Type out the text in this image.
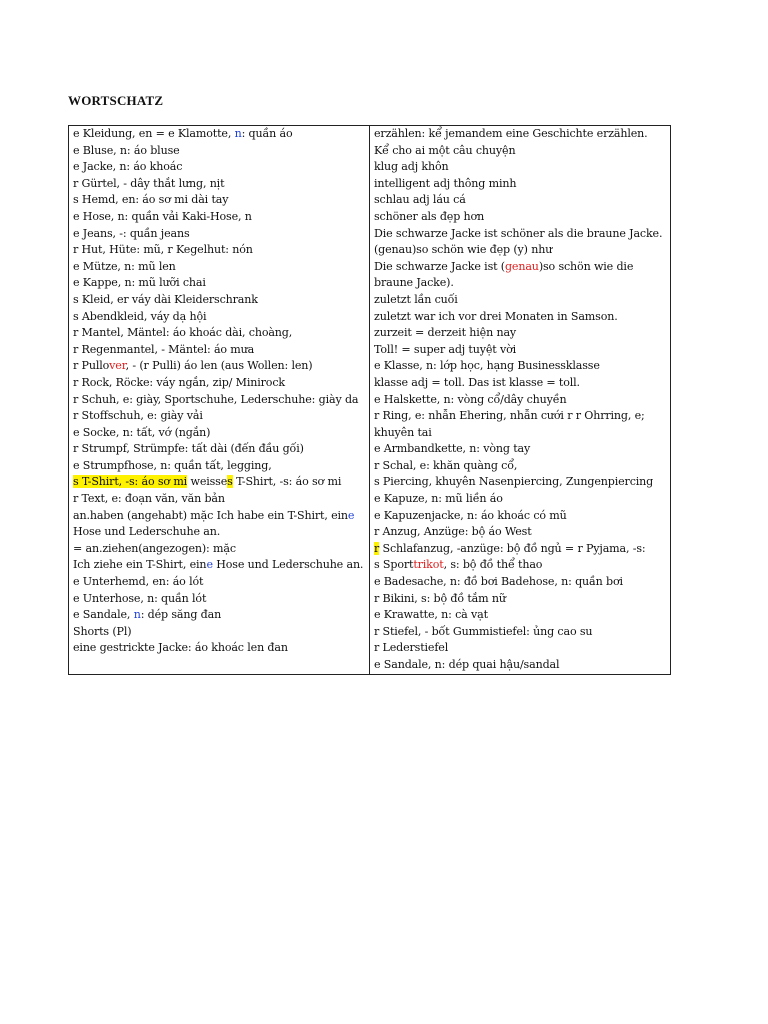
WORTSCHATZ
e Kleidung, en = e Klamotte, n: quần áo
e Bluse, n: áo bluse
e Jacke, n: áo khoác
r Gürtel, - dây thắt lưng, nịt
s Hemd, en: áo sơ mi dài tay
e Hose, n: quần vải Kaki-Hose, n
e Jeans, -: quần jeans
r Hut, Hüte: mũ, r Kegelhut: nón
e Mütze, n: mũ len
e Kappe, n: mũ lưỡi chai
s Kleid, er váy dài Kleiderschrank
s Abendkleid, váy dạ hội
r Mantel, Mäntel: áo khoác dài, choàng,
r Regenmantel, - Mäntel: áo mưa
r Pullover, - (r Pulli) áo len (aus Wollen: len)
r Rock, Röcke: váy ngắn, zip/ Minirock
r Schuh, e: giày, Sportschuhe, Lederschuhe: giày da
r Stoffschuh, e: giày vải
e Socke, n: tất, vớ (ngắn)
r Strumpf, Strümpfe: tất dài (đến đầu gối)
e Strumpfhose, n: quần tất, legging,
s T-Shirt, -s: áo sơ mi weisses T-Shirt, -s: áo sơ mi
r Text, e: đoạn văn, văn bản
an.haben (angehabt) mặc Ich habe ein T-Shirt, eine Hose und Lederschuhe an.
= an.ziehen(angezogen): mặc
Ich ziehe ein T-Shirt, eine Hose und Lederschuhe an.
e Unterhemd, en: áo lót
e Unterhose, n: quần lót
e Sandale, n: dép săng đan
Shorts (Pl)
eine gestrickte Jacke: áo khoác len đan

erzählen: kể jemandem eine Geschichte erzählen.
Kể cho ai một câu chuyện
klug adj khôn
intelligent adj thông minh
schlau adj láu cá
schöner als đẹp hơn
Die schwarze Jacke ist schöner als die braune Jacke.
(genau)so schön wie đẹp (y) như
Die schwarze Jacke ist (genau)so schön wie die braune Jacke).
zuletzt lần cuối
zuletzt war ich vor drei Monaten in Samson.
zurzeit = derzeit hiện nay
Toll! = super adj tuyệt vời
e Klasse, n: lớp học, hạng Businessklasse
klasse adj = toll. Das ist klasse = toll.
e Halskette, n: vòng cổ/dây chuyền
r Ring, e: nhẫn Ehering, nhẫn cưới r r Ohrring, e; khuyên tai
e Armbandkette, n: vòng tay
r Schal, e: khăn quàng cổ,
s Piercing, khuyên Nasenpiercing, Zungenpiercing
e Kapuze, n: mũ liền áo
e Kapuzenjacke, n: áo khoác có mũ
r Anzug, Anzüge: bộ áo West
r Schlafanzug, -anzüge: bộ đồ ngủ = r Pyjama, -s:
s Sporttrikot, s: bộ đồ thể thao
e Badesache, n: đồ bơi Badehose, n: quần bơi
r Bikini, s: bộ đồ tắm nữ
e Krawatte, n: cà vạt
r Stiefel, - bốt Gummistiefel: ủng cao su
r Lederstiefel
e Sandale, n: dép quai hậu/sandal
